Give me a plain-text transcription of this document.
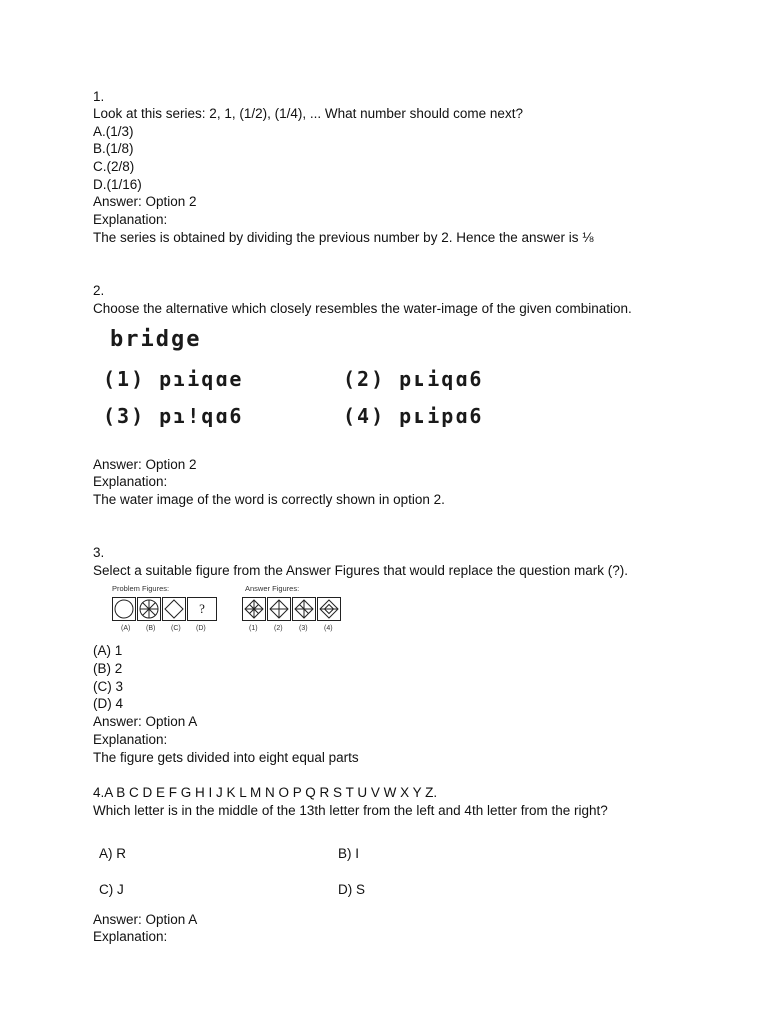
1.
Look at this series: 2, 1, (1/2), (1/4), ... What number should come next?
A.(1/3)
B.(1/8)
C.(2/8)
D.(1/16)
Answer: Option 2
Explanation:
The series is obtained by dividing the previous number by 2. Hence the answer is ⅛
2.
Choose the alternative which closely resembles the water-image of the given combination.
bridge
(1) pɿiqɑe	(2) pʟiqɑ6
(3) pɿ!qɑ6	(4) pʟipɑ6
Answer: Option 2
Explanation:
The water image of the word is correctly shown in option 2.
3.
Select a suitable figure from the Answer Figures that would replace the question mark (?).
Problem Figures:	Answer Figures:
?
(A) (B) (C) (D)	(1) (2) (3) (4)
(A) 1
(B) 2
(C) 3
(D) 4
Answer: Option A
Explanation:
The figure gets divided into eight equal parts
4.A B C D E F G H I J K L M N O P Q R S T U V W X Y Z.
Which letter is in the middle of the 13th letter from the left and 4th letter from the right?
A) R	B) I
C) J	D) S
Answer: Option A
Explanation:
